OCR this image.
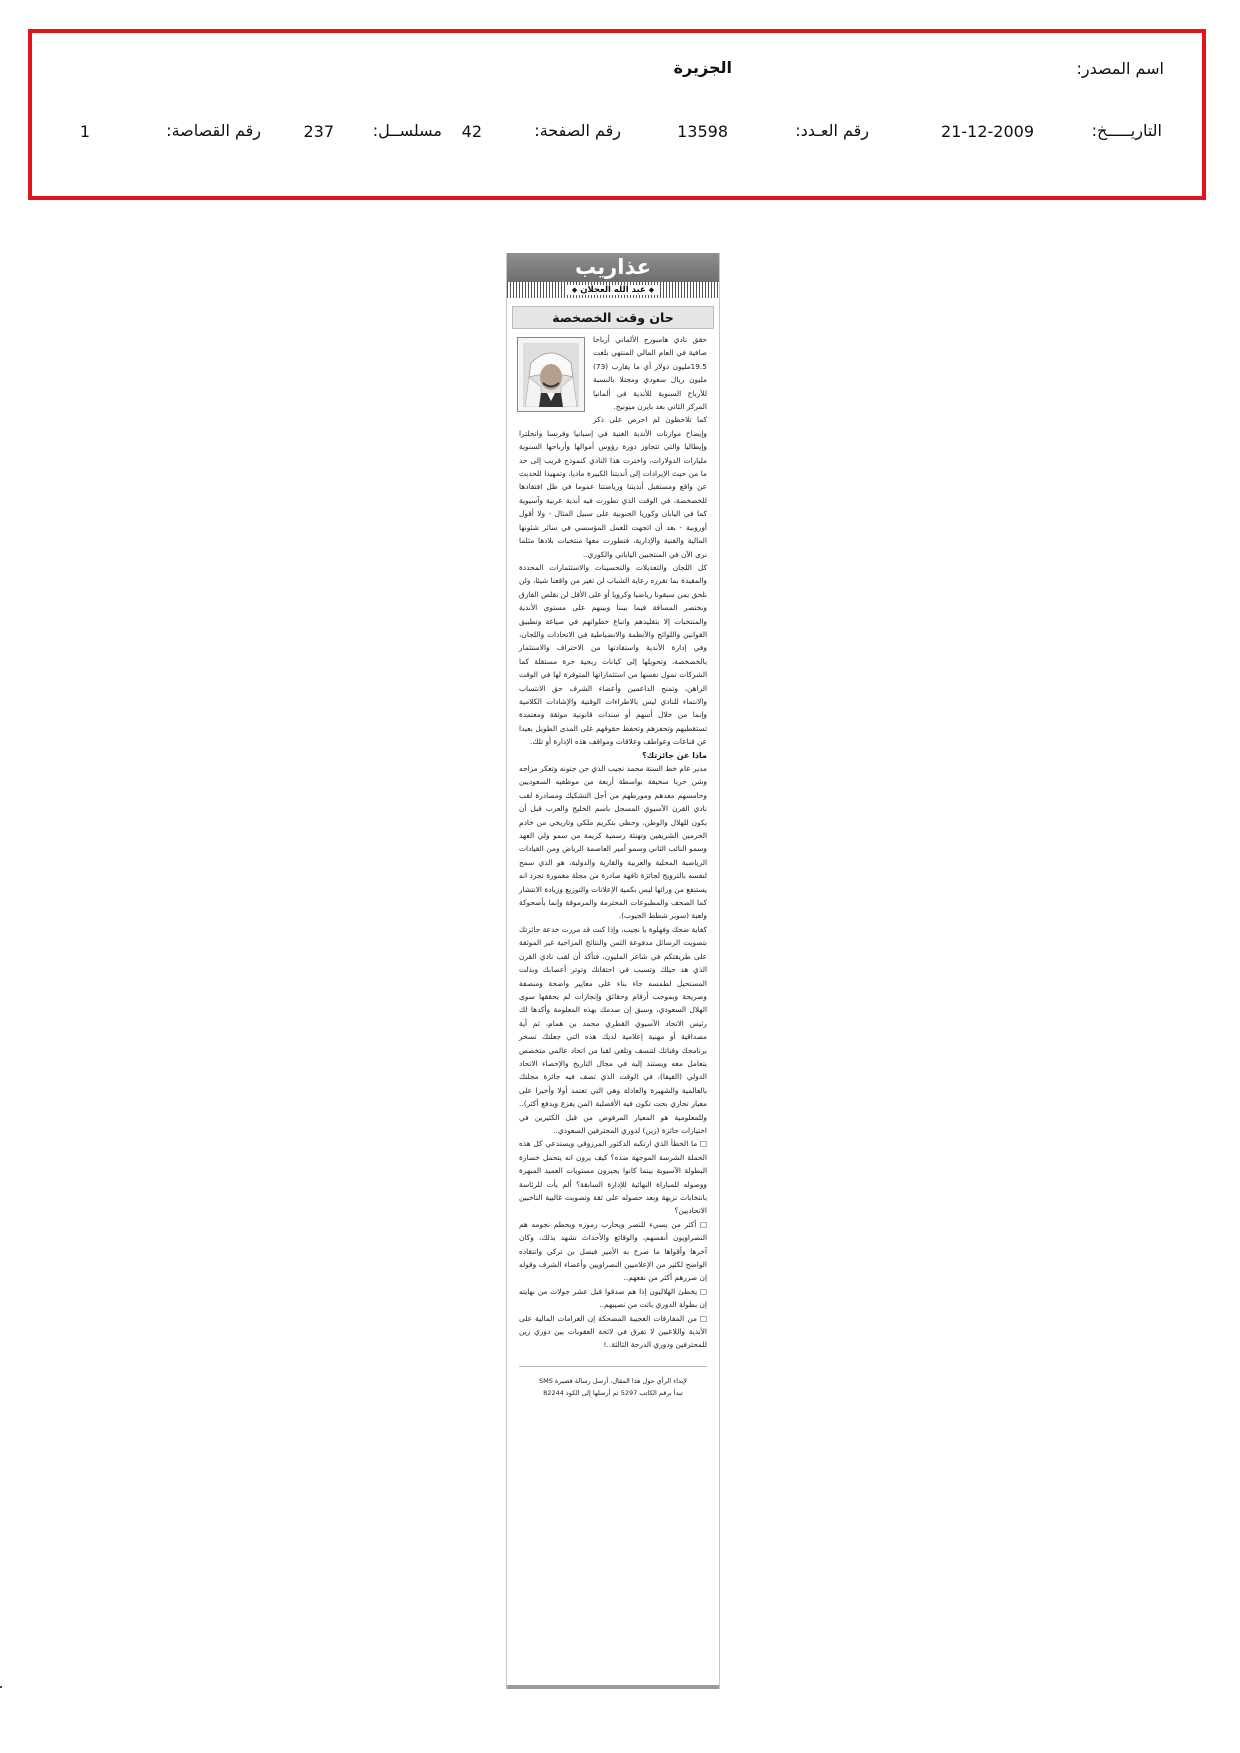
اسم المصدر:
الجزيرة
التاريـــــخ:
21-12-2009
رقم العـدد:
13598
رقم الصفحة:
42
مسلســل:
237
رقم القصاصة:
1
عذاريب
◆ عبد الله العجلان ◆
حان وقت الخصخصة

حقق نادي هامبورج الألماني أرباحا صافية في العام المالي المنتهي بلغت 19.5مليون دولار أي ما يقارب (73) مليون ريال سعودي ومحتلا بالنسبة للأرباح السنوية للأندية في ألمانيا المركز الثاني بعد بايرن ميونيخ.

كما تلاحظون لم احرص على ذكر وإيضاح موازنات الأندية الغنية في إسبانيا وفرنسا وانجلترا وإيطاليا والتي تتجاوز دورة رؤوس أموالها وأرباحها السنوية مليارات الدولارات، واخترت هذا النادي كنموذج قريب إلى حد ما من حيث الإيرادات إلى أنديتنا الكبيرة ماديا، وتمهيدا للحديث عن واقع ومستقبل أنديتنا ورياضتنا عموما في ظل افتقادها للخصخصة، في الوقت الذي تطورت فيه أندية عربية وآسيوية كما في اليابان وكوريا الجنوبية على سبيل المثال - ولا أقول أوروبية - بعد أن اتجهت للعمل المؤسسي في سائر شئونها المالية والفنية والإدارية، فتطورت معها منتخبات بلادها مثلما نرى الآن في المنتخبين الياباني والكوري..

كل اللجان والتعديلات والتحسينات والاستثمارات المحددة والمقيدة بما تقرره رعاية الشباب لن تغير من واقعنا شيئا، ولن نلحق بمن سبقونا رياضيا وكرويا أو على الأقل لن نقلص الفارق ونختصر المسافة فيما بيننا وبينهم على مستوى الأندية والمنتخبات إلا بتقليدهم واتباع خطواتهم في صياغة وتطبيق القوانين واللوائح والأنظمة والانضباطية في الاتحادات واللجان، وفي إدارة الأندية واستفادتها من الاحتراف والاستثمار بالخصخصة، وتحويلها إلى كيانات ربحية حرة مستقلة كما الشركات تمول نفسها من استثماراتها المتوفرة لها في الوقت الراهن، وتمنح الداعمين وأعضاء الشرف حق الانتساب والانتماء للنادي ليس بالاطراءات الوقتية والإشادات الكلامية وإنما من خلال أسهم أو سندات قانونية موثقة ومعتمدة تستقطبهم وتحفزهم وتحفظ حقوقهم على المدى الطويل بعيدا عن قناعات وعواطف وعلاقات ومواقف هذه الإدارة أو تلك.

ماذا عن جائزتك؟

مدير عام خط الستة محمد نجيب الذي جن جنونه وتعكر مزاجه وشن حربا سخيفة بواسطة أربعة من موظفيه السعوديين وخامسهم معدهم ومورطهم من أجل التشكيك ومصادرة لقب نادي القرن الآسيوي المسجل باسم الخليج والعرب قبل أن يكون للهلال والوطن، وحظي بتكريم ملكي وتاريخي من خادم الحرمين الشريفين وتهنئة رسمية كريمة من سمو ولي العهد وسمو النائب الثاني وسمو أمير العاصمة الرياض ومن القيادات الرياضية المحلية والعربية والقارية والدولية، هو الذي سمح لنفسه بالترويج لجائزة تافهة صادرة من مجلة مغمورة تجرد انه يستنفع من ورائها ليس بكمية الإعلانات والتوزيع وزيادة الانتشار كما الصحف والمطبوعات المحترمة والمرموقة وإنما بأضحوكة ولعبة (سوبر شطط الجيوب).

كفاية ضحك وفهلوة يا نجيب، وإذا كنت قد مررت خدعة جائزتك بتصويت الرسائل مدفوعة الثمن والنتائج المزاجية غير الموثقة على طريقتكم في شاعر المليون، فتأكد أن لقب نادي القرن الذي هد حيلك وتسبب في احتقانك وتوتر أعصابك وبذلت المستحيل لطمسه جاء بناء على معايير واضحة ومنصفة وصريحة وبموجب أرقام وحقائق وإنجازات لم يحققها سوى الهلال السعودي، وسبق إن صدمك بهذه المعلومة وأكدها لك رئيس الاتحاد الآسيوي القطري محمد بن همام، ثم أية مصداقية أو مهنية إعلامية لديك هذه التي جعلتك تسخر برنامجك وقناتك لتنسف وتلغي لقبا من اتحاد عالمي متخصص يتعامل معه ويستند إليه في مجال التاريخ والإحصاء الاتحاد الدولي (الفيفا)، في الوقت الذي تصف فيه جائزة مجلتك بالعالمية والشهيرة والعادلة وهي التي تعتمد أولا وأخيرا على معيار تجاري بحت تكون فيه الأفضلية (لمن يفزع ويدفع أكثر).. وللمعلومية هو المعيار المرفوض من قبل الكثيرين في اختيارات جائزة (زين) لدوري المحترفين السعودي..

□ ما الخطأ الذي ارتكبه الدكتور المرزوقي ويستدعي كل هذه الحملة الشرسة الموجهة ضده؟ كيف يرون انه يتحمل خسارة البطولة الآسيوية بينما كانوا يجيرون مستويات العميد المبهرة ووصوله للمباراة النهائية للإدارة السابقة؟ ألم يأت للرئاسة بانتخابات نزيهة وبعد حصوله على ثقة وتصويت غالبية الناخبين الاتحاديين؟

□ أكثر من يسيء للنصر ويحارب رموزه ويحطم نجومه هم النصراويون أنفسهم، والوقائع والأحداث تشهد بذلك، وكان آخرها وأقواها ما صرح به الأمير فيصل بن تركي وانتقاده الواضح لكثير من الإعلاميين النصراويين وأعضاء الشرف وقوله إن ضررهم أكثر من نفعهم..

□ يخطئ الهلاليون إذا هم صدقوا قبل عشر جولات من نهايته إن بطولة الدوري باتت من نصيبهم..

□ من المفارقات العجيبة المضحكة إن الغرامات المالية على الأندية واللاعبين لا تفرق في لائحة العقوبات بين دوري زين للمحترفين ودوري الدرجة الثالثة..!

لإبداء الرأي حول هذا المقال، أرسل رسالة قصيرة SMS
تبدأ برقم الكاتب 5297 ثم أرسلها إلى الكود 82244
